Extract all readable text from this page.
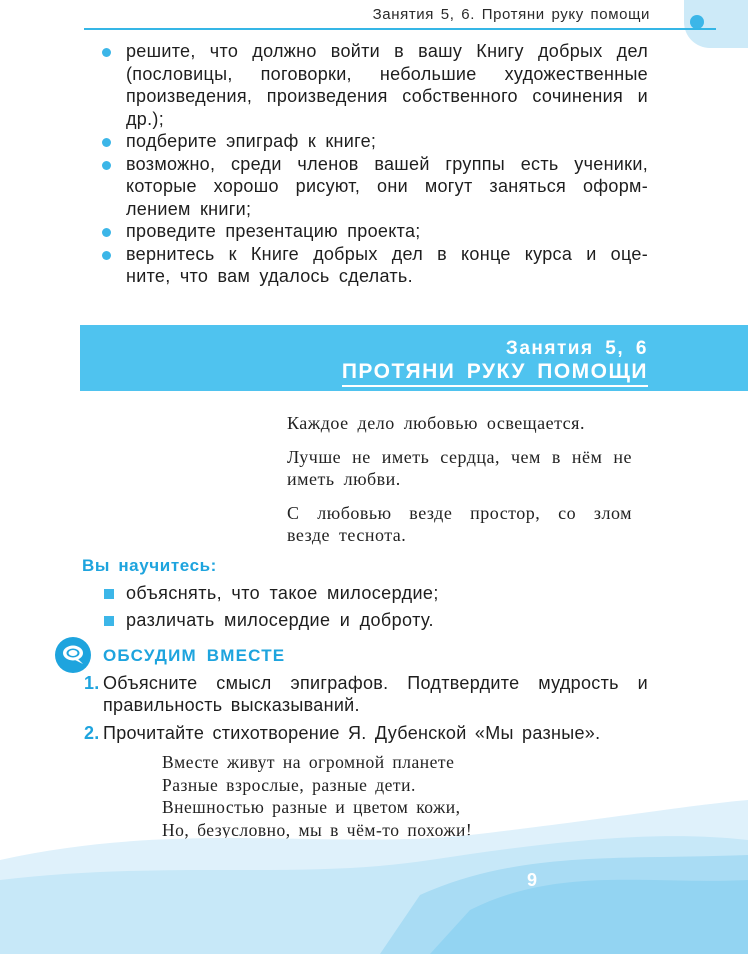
Занятия 5, 6. Протяни руку помощи
решите, что должно войти в вашу Книгу добрых дел (пословицы, поговорки, небольшие художественные произведения, произведения собственного сочинения и др.);
подберите эпиграф к книге;
возможно, среди членов вашей группы есть ученики, которые хорошо рисуют, они могут заняться оформ-лением книги;
проведите презентацию проекта;
вернитесь к Книге добрых дел в конце курса и оце-ните, что вам удалось сделать.
Занятия 5, 6
ПРОТЯНИ РУКУ ПОМОЩИ

Каждое дело любовью освещается.

Лучше не иметь сердца, чем в нём не иметь любви.

С любовью везде простор, со злом везде теснота.

Вы научитесь:
объяснять, что такое милосердие;
различать милосердие и доброту.
ОБСУДИМ ВМЕСТЕ
1. Объясните смысл эпиграфов. Подтвердите мудрость и правильность высказываний.
2. Прочитайте стихотворение Я. Дубенской «Мы разные».
Вместе живут на огромной планете
Разные взрослые, разные дети.
Внешностью разные и цветом кожи,
Но, безусловно, мы в чём-то похожи!
9
